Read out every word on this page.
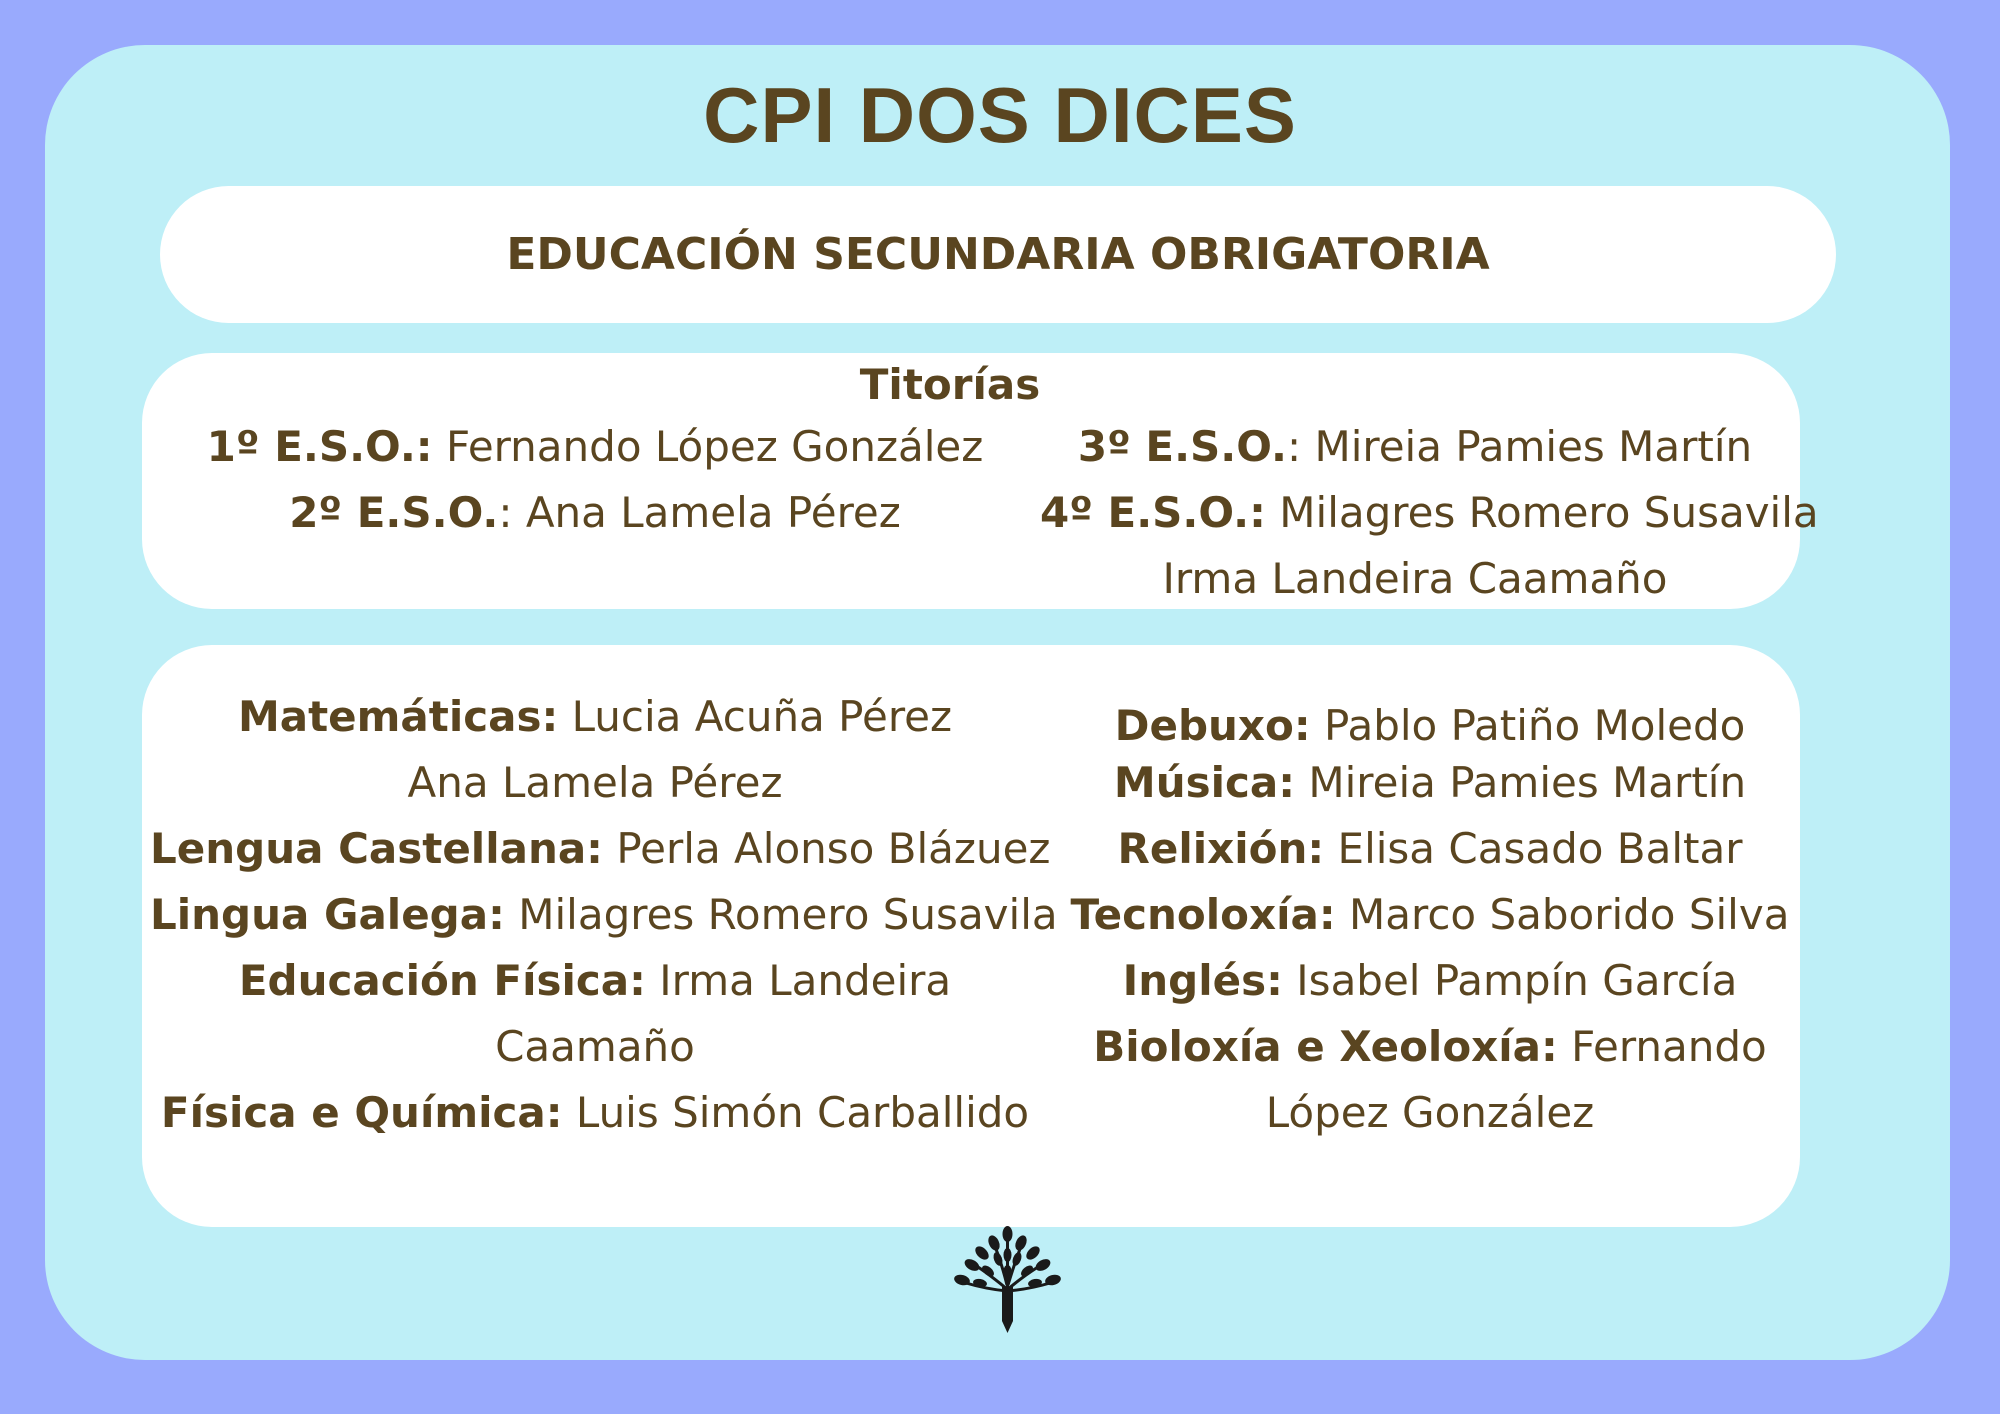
CPI DOS DICES
EDUCACIÓN SECUNDARIA OBRIGATORIA
Titorías
1º E.S.O.: Fernando López González
2º E.S.O.: Ana Lamela Pérez
3º E.S.O.: Mireia Pamies Martín
4º E.S.O.: Milagres Romero Susavila
Irma Landeira Caamaño
Matemáticas: Lucia Acuña Pérez
Ana Lamela Pérez
Lengua Castellana: Perla Alonso Blázuez
Lingua Galega: Milagres Romero Susavila
Educación Física: Irma Landeira
Caamaño
Física e Química: Luis Simón Carballido
Debuxo: Pablo Patiño Moledo
Música: Mireia Pamies Martín
Relixión: Elisa Casado Baltar
Tecnoloxía: Marco Saborido Silva
Inglés: Isabel Pampín García
Bioloxía e Xeoloxía: Fernando
López González
